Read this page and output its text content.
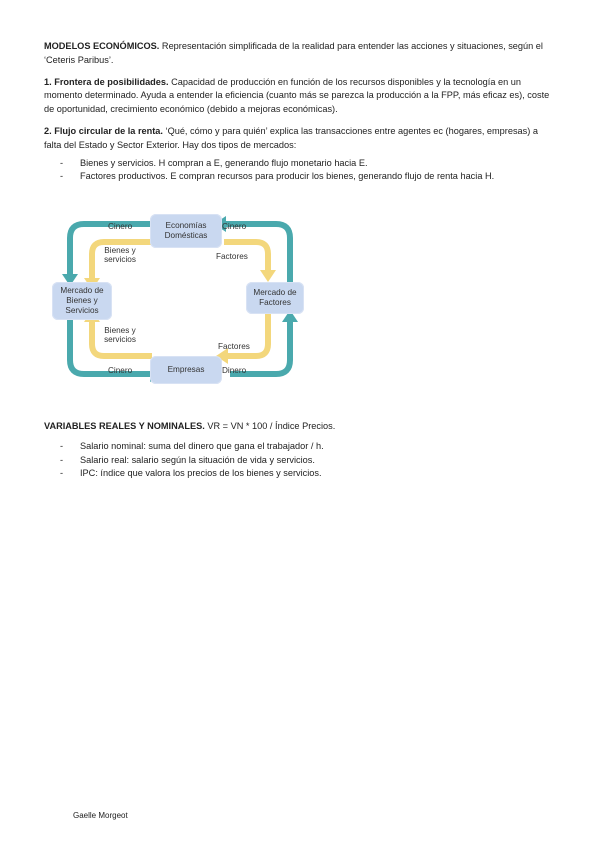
MODELOS ECONÓMICOS. Representación simplificada de la realidad para entender las acciones y situaciones, según el ‘Ceteris Paribus’.

1. Frontera de posibilidades. Capacidad de producción en función de los recursos disponibles y la tecnología en un momento determinado. Ayuda a entender la eficiencia (cuanto más se parezca la producción a la FPP, más eficaz es), coste de oportunidad, crecimiento económico (debido a mejoras económicas).

2. Flujo circular de la renta. ‘Qué, cómo y para quién’ explica las transacciones entre agentes ec (hogares, empresas) a falta del Estado y Sector Exterior. Hay dos tipos de mercados:

- Bienes y servicios. H compran a E, generando flujo monetario hacia E.
- Factores productivos. E compran recursos para producir los bienes, generando flujo de renta hacia H.
Economías Domésticas
Mercado de Bienes y Servicios
Mercado de Factores
Empresas
Cinero	Cinero
Bienes y servicios	Factores
Bienes y servicios
Factores
Cinero	Dinero

VARIABLES REALES Y NOMINALES. VR = VN * 100 / Índice Precios.

- Salario nominal: suma del dinero que gana el trabajador / h.
- Salario real: salario según la situación de vida y servicios.
- IPC: índice que valora los precios de los bienes y servicios.
Gaelle Morgeot
